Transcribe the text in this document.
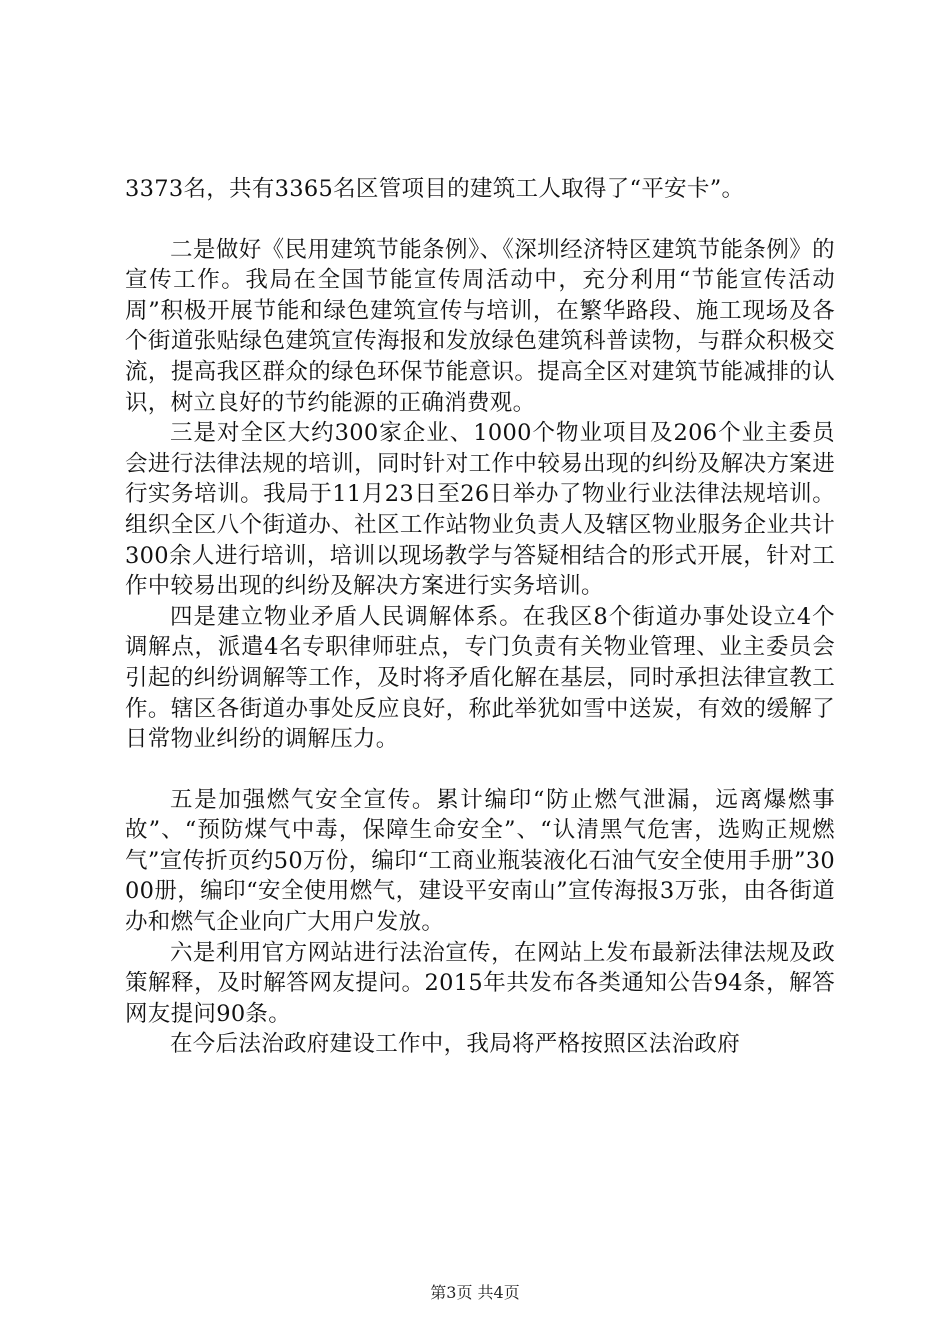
3373名，共有3365名区管项目的建筑工人取得了“平安卡”。

二是做好《民用建筑节能条例》、《深圳经济特区建筑节能条例》的宣传工作。我局在全国节能宣传周活动中，充分利用“节能宣传活动周”积极开展节能和绿色建筑宣传与培训，在繁华路段、施工现场及各个街道张贴绿色建筑宣传海报和发放绿色建筑科普读物，与群众积极交流，提高我区群众的绿色环保节能意识。提高全区对建筑节能减排的认识，树立良好的节约能源的正确消费观。

三是对全区大约300家企业、1000个物业项目及206个业主委员会进行法律法规的培训，同时针对工作中较易出现的纠纷及解决方案进行实务培训。我局于11月23日至26日举办了物业行业法律法规培训。组织全区八个街道办、社区工作站物业负责人及辖区物业服务企业共计300余人进行培训，培训以现场教学与答疑相结合的形式开展，针对工作中较易出现的纠纷及解决方案进行实务培训。

四是建立物业矛盾人民调解体系。在我区8个街道办事处设立4个调解点，派遣4名专职律师驻点，专门负责有关物业管理、业主委员会引起的纠纷调解等工作，及时将矛盾化解在基层，同时承担法律宣教工作。辖区各街道办事处反应良好，称此举犹如雪中送炭，有效的缓解了日常物业纠纷的调解压力。

五是加强燃气安全宣传。累计编印“防止燃气泄漏，远离爆燃事故”、“预防煤气中毒，保障生命安全”、“认清黑气危害，选购正规燃气”宣传折页约50万份，编印“工商业瓶装液化石油气安全使用手册”3000册，编印“安全使用燃气，建设平安南山”宣传海报3万张，由各街道办和燃气企业向广大用户发放。

六是利用官方网站进行法治宣传，在网站上发布最新法律法规及政策解释，及时解答网友提问。2015年共发布各类通知公告94条，解答网友提问90条。

在今后法治政府建设工作中，我局将严格按照区法治政府

第3页 共4页
